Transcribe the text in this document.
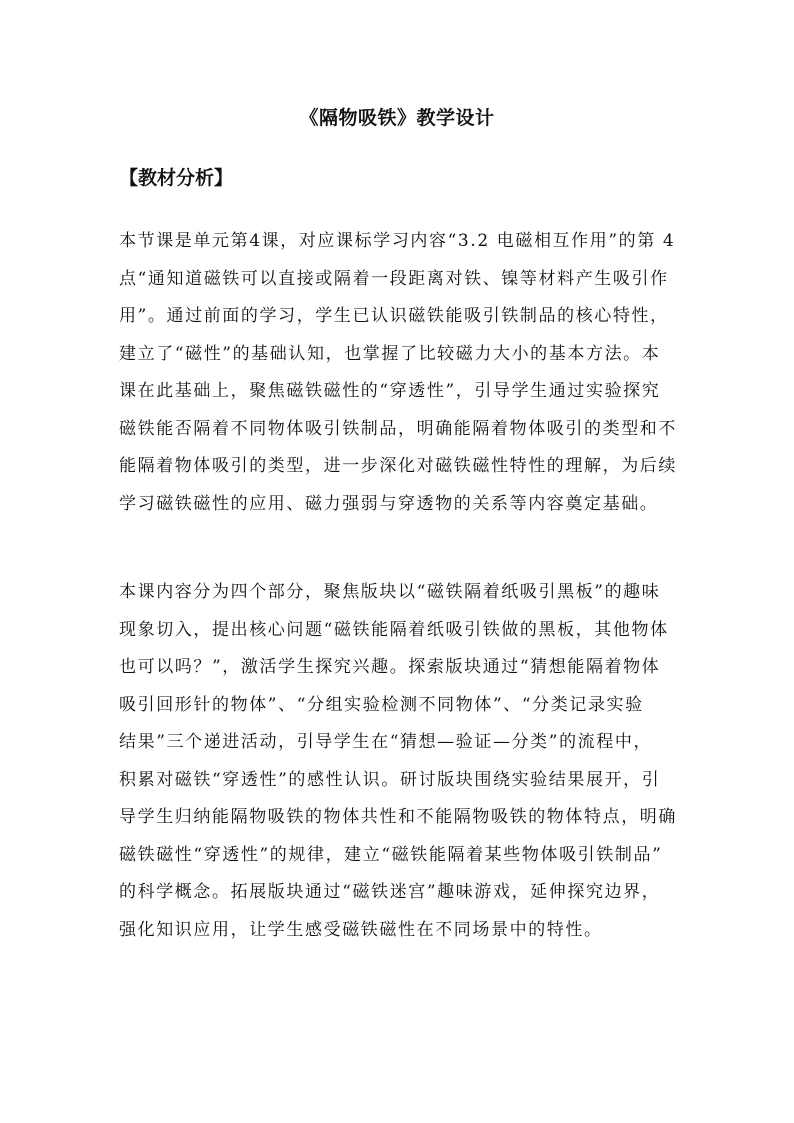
《隔物吸铁》教学设计
【教材分析】

本节课是单元第4课，对应课标学习内容“3.2 电磁相互作用”的第 4
点“通知道磁铁可以直接或隔着一段距离对铁、镍等材料产生吸引作
用”。通过前面的学习，学生已认识磁铁能吸引铁制品的核心特性，
建立了“磁性”的基础认知，也掌握了比较磁力大小的基本方法。本
课在此基础上，聚焦磁铁磁性的“穿透性”，引导学生通过实验探究
磁铁能否隔着不同物体吸引铁制品，明确能隔着物体吸引的类型和不
能隔着物体吸引的类型，进一步深化对磁铁磁性特性的理解，为后续
学习磁铁磁性的应用、磁力强弱与穿透物的关系等内容奠定基础。

本课内容分为四个部分，聚焦版块以“磁铁隔着纸吸引黑板”的趣味
现象切入，提出核心问题“磁铁能隔着纸吸引铁做的黑板，其他物体
也可以吗？”，激活学生探究兴趣。探索版块通过“猜想能隔着物体
吸引回形针的物体”、“分组实验检测不同物体”、“分类记录实验
结果”三个递进活动，引导学生在“猜想—验证—分类”的流程中，
积累对磁铁“穿透性”的感性认识。研讨版块围绕实验结果展开，引
导学生归纳能隔物吸铁的物体共性和不能隔物吸铁的物体特点，明确
磁铁磁性“穿透性”的规律，建立“磁铁能隔着某些物体吸引铁制品”
的科学概念。拓展版块通过“磁铁迷宫”趣味游戏，延伸探究边界，
强化知识应用，让学生感受磁铁磁性在不同场景中的特性。
